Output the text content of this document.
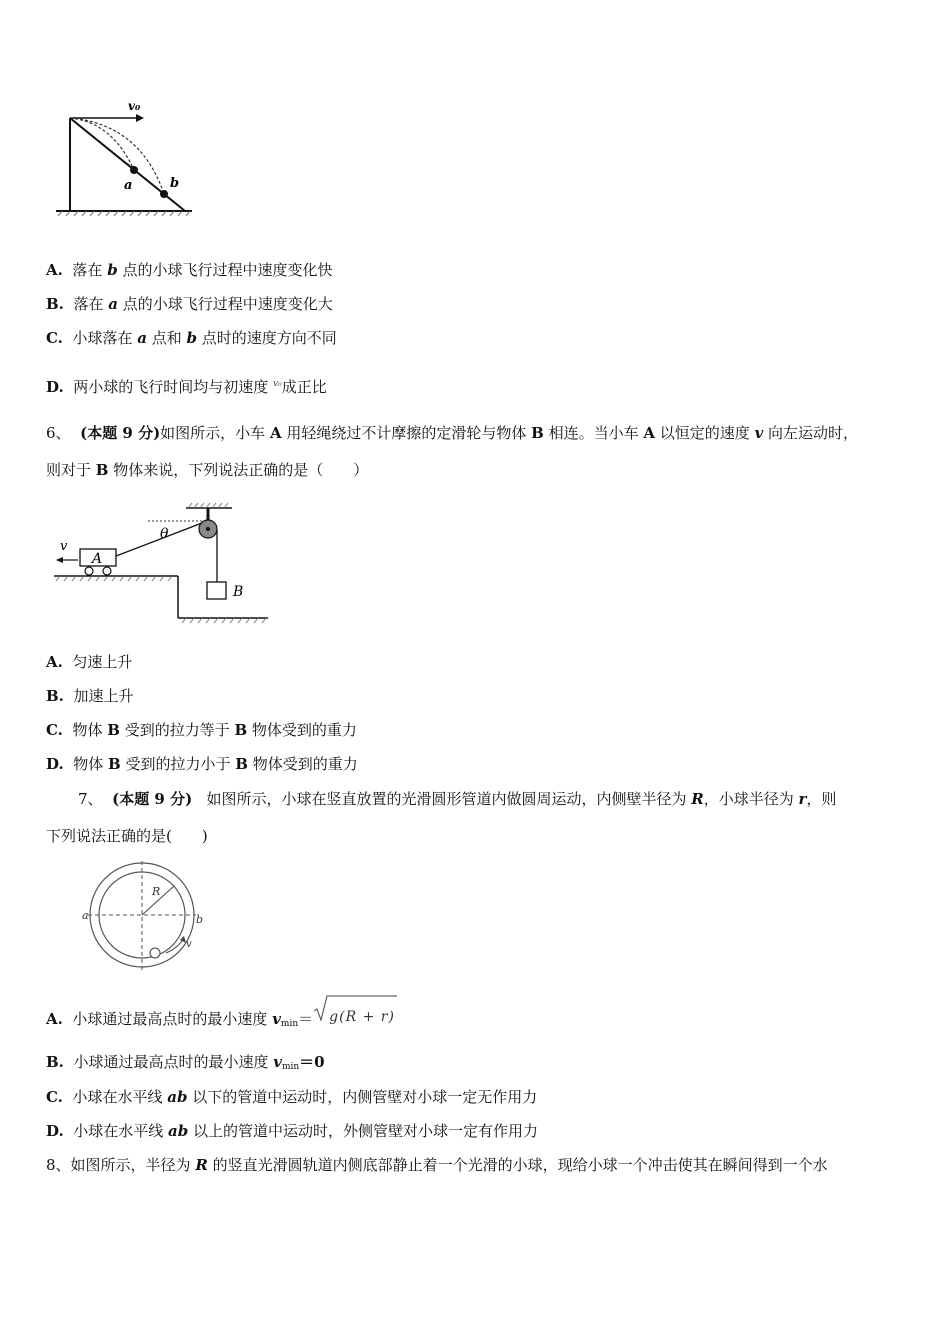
v₀
a	b
A. 落在 b 点的小球飞行过程中速度变化快
B. 落在 a 点的小球飞行过程中速度变化大
C. 小球落在 a 点和 b 点时的速度方向不同
D. 两小球的飞行时间均与初速度 $^{v_0}$成正比
6、 (本题 9 分)如图所示，小车 A 用轻绳绕过不计摩擦的定滑轮与物体 B 相连。当小车 A 以恒定的速度 v 向左运动时，
则对于 B 物体来说，下列说法正确的是（　　）
v
A
B
θ
A. 匀速上升
B. 加速上升
C. 物体 B 受到的拉力等于 B 物体受到的重力
D. 物体 B 受到的拉力小于 B 物体受到的重力
7、 (本题 9 分) 如图所示，小球在竖直放置的光滑圆形管道内做圆周运动，内侧壁半径为 R，小球半径为 r，则
下列说法正确的是(　　)
R
a	b
v
A. 小球通过最高点时的最小速度 $v_{min}= g(R + r)$
B. 小球通过最高点时的最小速度 $v_{min}=0$
C. 小球在水平线 ab 以下的管道中运动时，内侧管壁对小球一定无作用力
D. 小球在水平线 ab 以上的管道中运动时，外侧管壁对小球一定有作用力
8、如图所示，半径为 R 的竖直光滑圆轨道内侧底部静止着一个光滑的小球，现给小球一个冲击使其在瞬间得到一个水
